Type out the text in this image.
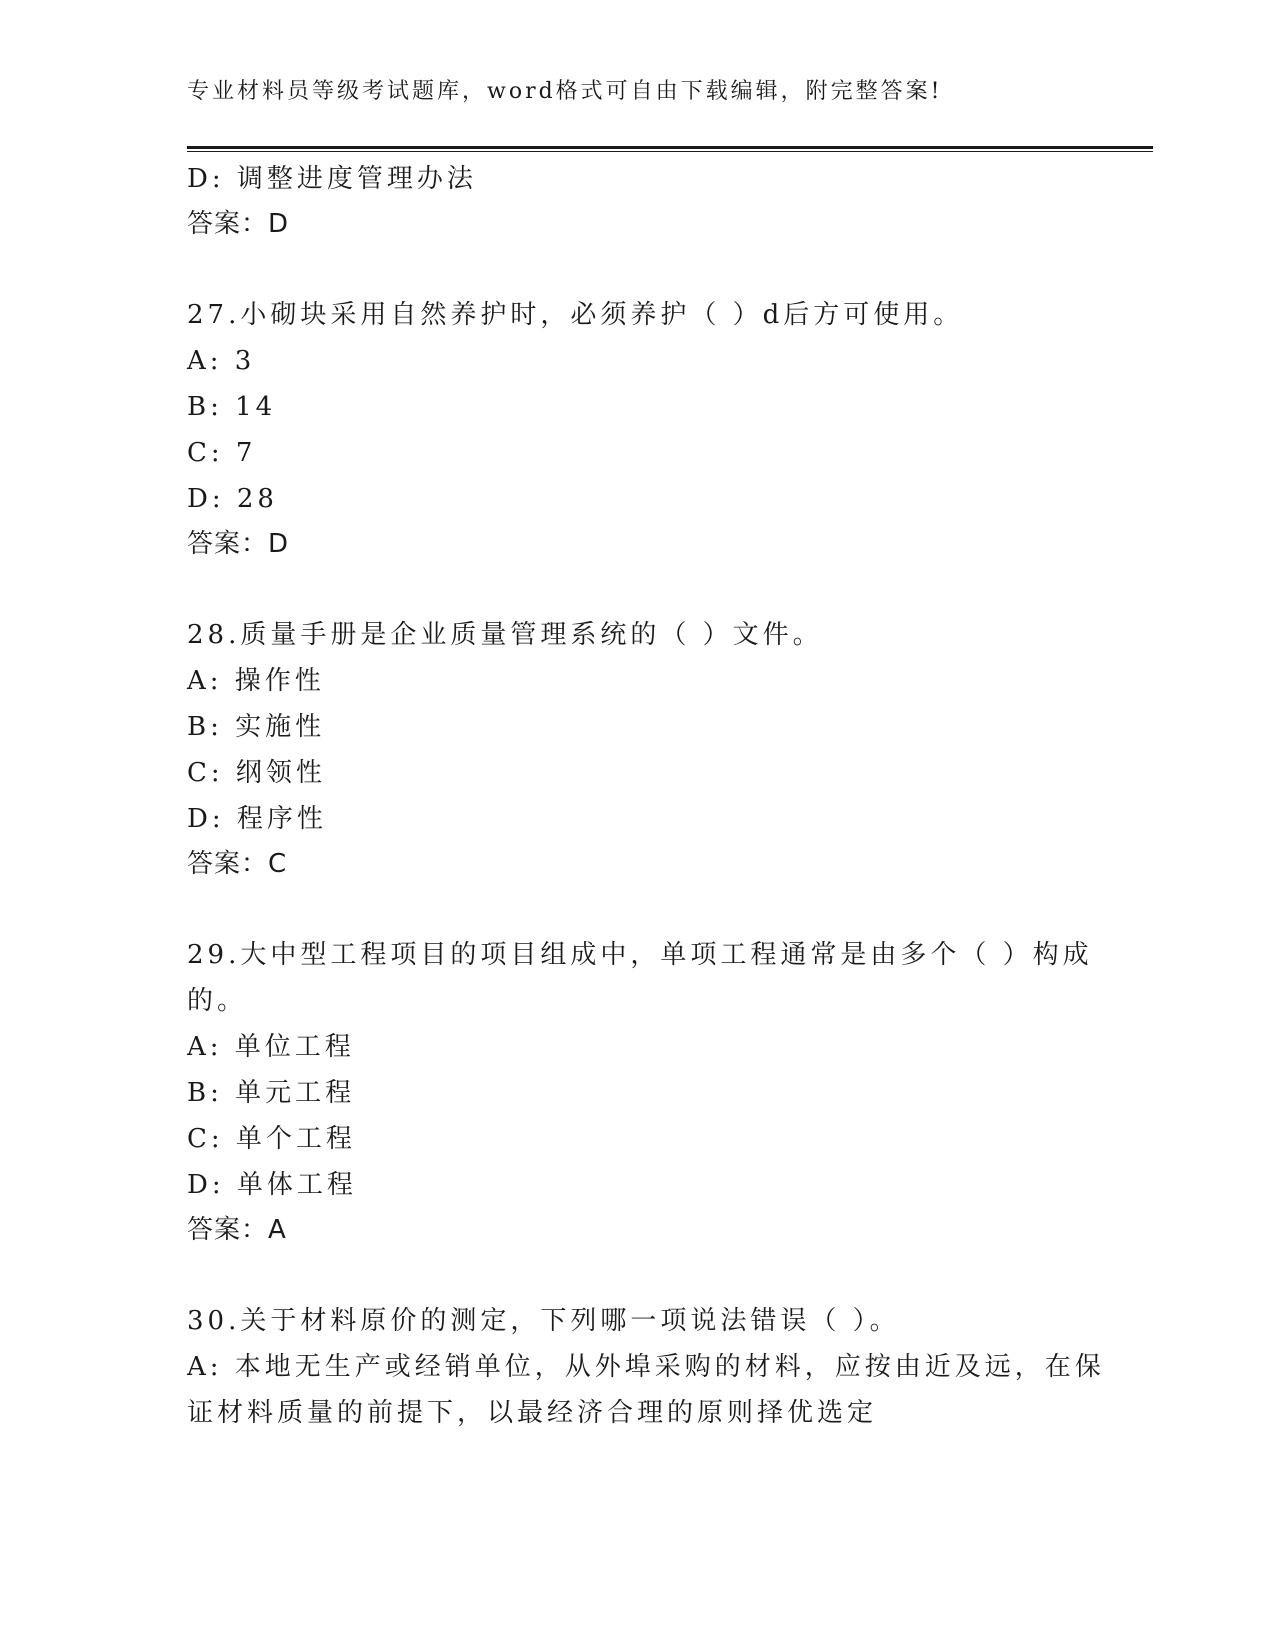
专业材料员等级考试题库，word格式可自由下载编辑，附完整答案!
D: 调整进度管理办法
答案：D
27.小砌块采用自然养护时，必须养护（ ）d后方可使用。
A: 3
B: 14
C: 7
D: 28
答案：D
28.质量手册是企业质量管理系统的（ ）文件。
A: 操作性
B: 实施性
C: 纲领性
D: 程序性
答案：C
29.大中型工程项目的项目组成中，单项工程通常是由多个（ ）构成
的。
A: 单位工程
B: 单元工程
C: 单个工程
D: 单体工程
答案：A
30.关于材料原价的测定，下列哪一项说法错误（ ）。
A: 本地无生产或经销单位，从外埠采购的材料，应按由近及远，在保
证材料质量的前提下，以最经济合理的原则择优选定
